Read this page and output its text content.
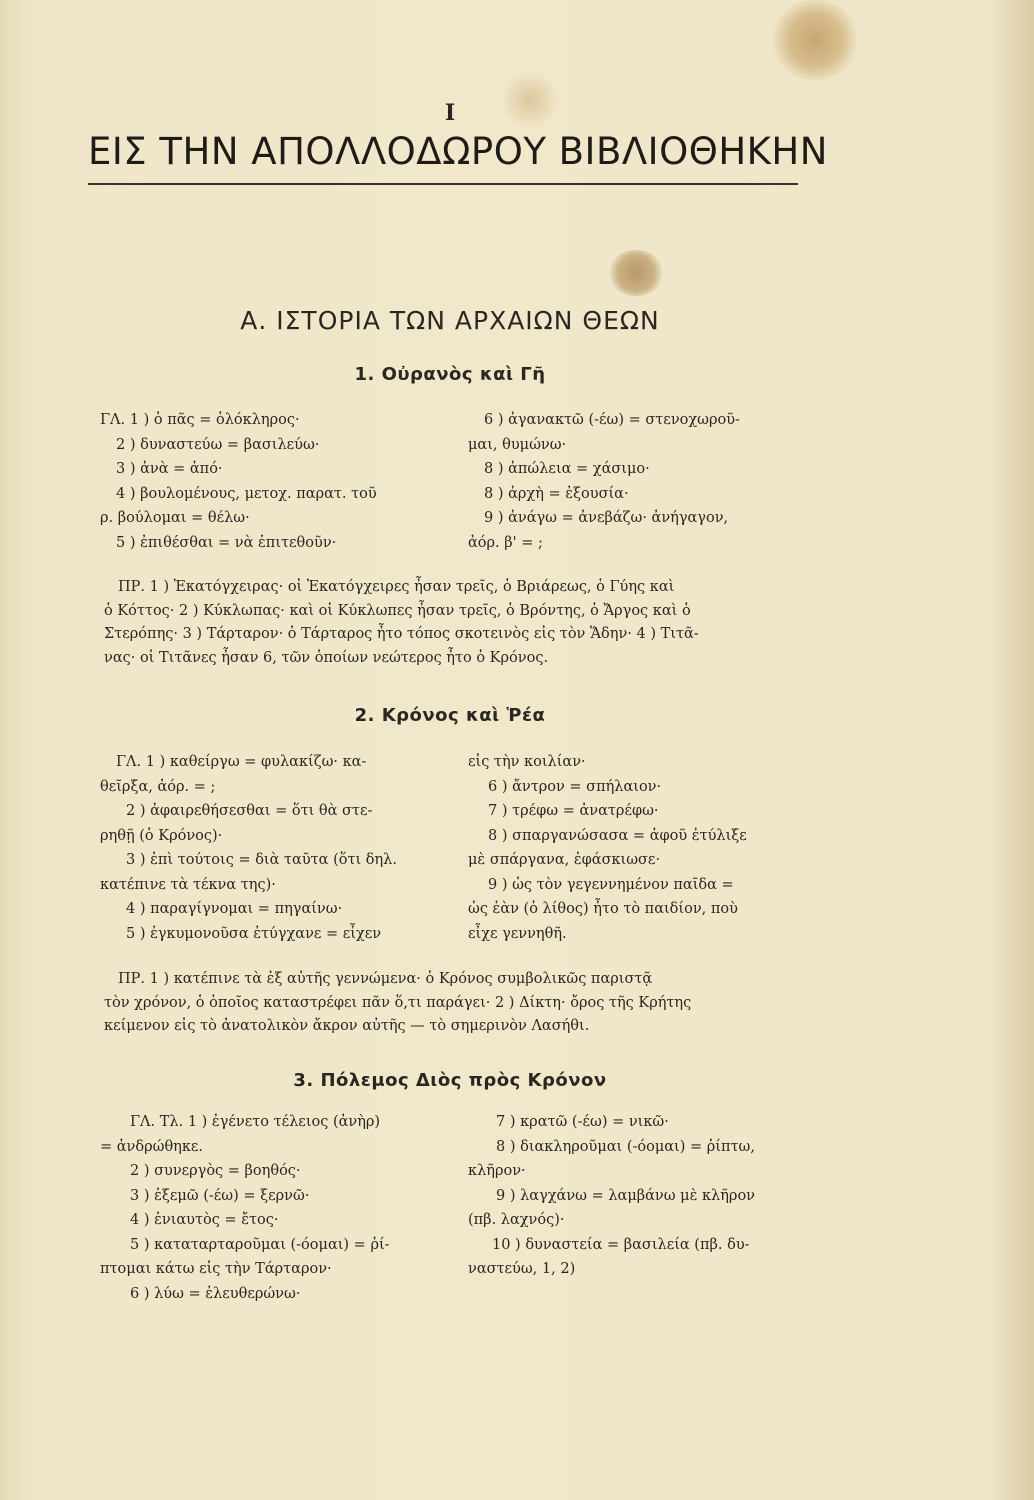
Ι
ΕΙΣ ΤΗΝ ΑΠΟΛΛΟΔΩΡΟΥ ΒΙΒΛΙΟΘΗΚΗΝ
Α. ΙΣΤΟΡΙΑ ΤΩΝ ΑΡΧΑΙΩΝ ΘΕΩΝ
1. Οὐρανὸς καὶ Γῆ
ΓΛ. 1 ) ὁ πᾶς = ὁλόκληρος·
2 ) δυναστεύω = βασιλεύω·
3 ) ἀνὰ = ἀπό·
4 ) βουλομένους, μετοχ. παρατ. τοῦ
ρ. βούλομαι = θέλω·
5 ) ἐπιθέσθαι = νὰ ἐπιτεθοῦν·
6 ) ἀγανακτῶ (-έω) = στενοχωροῦ-
μαι, θυμώνω·
8 ) ἀπώλεια = χάσιμο·
8 ) ἀρχὴ = ἐξουσία·
9 ) ἀνάγω = ἀνεβάζω· ἀνήγαγον,
ἀόρ. β' = ;
ΠΡ. 1 ) Ἑκατόγχειρας· οἱ Ἑκατόγχειρες ἦσαν τρεῖς, ὁ Βριάρεως, ὁ Γύης καὶ
ὁ Κόττος· 2 ) Κύκλωπας· καὶ οἱ Κύκλωπες ἦσαν τρεῖς, ὁ Βρόντης, ὁ Ἄργος καὶ ὁ
Στερόπης· 3 ) Τάρταρον· ὁ Τάρταρος ἦτο τόπος σκοτεινὸς εἰς τὸν Ἅδην· 4 ) Τιτᾶ-
νας· οἱ Τιτᾶνες ἦσαν 6, τῶν ὁποίων νεώτερος ἦτο ὁ Κρόνος.
2. Κρόνος καὶ Ῥέα
ΓΛ. 1 ) καθείργω = φυλακίζω· κα-
θεῖρξα, ἀόρ. = ;
2 ) ἀφαιρεθήσεσθαι = ὅτι θὰ στε-
ρηθῇ (ὁ Κρόνος)·
3 ) ἐπὶ τούτοις = διὰ ταῦτα (ὅτι δηλ.
κατέπινε τὰ τέκνα της)·
4 ) παραγίγνομαι = πηγαίνω·
5 ) ἐγκυμονοῦσα ἐτύγχανε = εἶχεν
εἰς τὴν κοιλίαν·
6 ) ἄντρον = σπήλαιον·
7 ) τρέφω = ἀνατρέφω·
8 ) σπαργανώσασα = ἀφοῦ ἐτύλιξε
μὲ σπάργανα, ἐφάσκιωσε·
9 ) ὡς τὸν γεγεννημένον παῖδα =
ὡς ἐὰν (ὁ λίθος) ἦτο τὸ παιδίον, ποὺ
εἶχε γεννηθῆ.
ΠΡ. 1 ) κατέπινε τὰ ἐξ αὐτῆς γεννώμενα· ὁ Κρόνος συμβολικῶς παριστᾷ
τὸν χρόνον, ὁ ὁποῖος καταστρέφει πᾶν ὅ,τι παράγει· 2 ) Δίκτη· ὄρος τῆς Κρήτης
κείμενον εἰς τὸ ἀνατολικὸν ἄκρον αὐτῆς — τὸ σημερινὸν Λασήθι.
3. Πόλεμος Διὸς πρὸς Κρόνον
ΓΛ. Τλ. 1 ) ἐγένετο τέλειος (ἀνὴρ)
= ἀνδρώθηκε.
2 ) συνεργὸς = βοηθός·
3 ) ἐξεμῶ (-έω) = ξερνῶ·
4 ) ἐνιαυτὸς = ἔτος·
5 ) καταταρταροῦμαι (-όομαι) = ῥί-
πτομαι κάτω εἰς τὴν Τάρταρον·
6 ) λύω = ἐλευθερώνω·
7 ) κρατῶ (-έω) = νικῶ·
8 ) διακληροῦμαι (-όομαι) = ῥίπτω,
κλῆρον·
9 ) λαγχάνω = λαμβάνω μὲ κλῆρον
(πβ. λαχνός)·
10 ) δυναστεία = βασιλεία (πβ. δυ-
ναστεύω, 1, 2)
